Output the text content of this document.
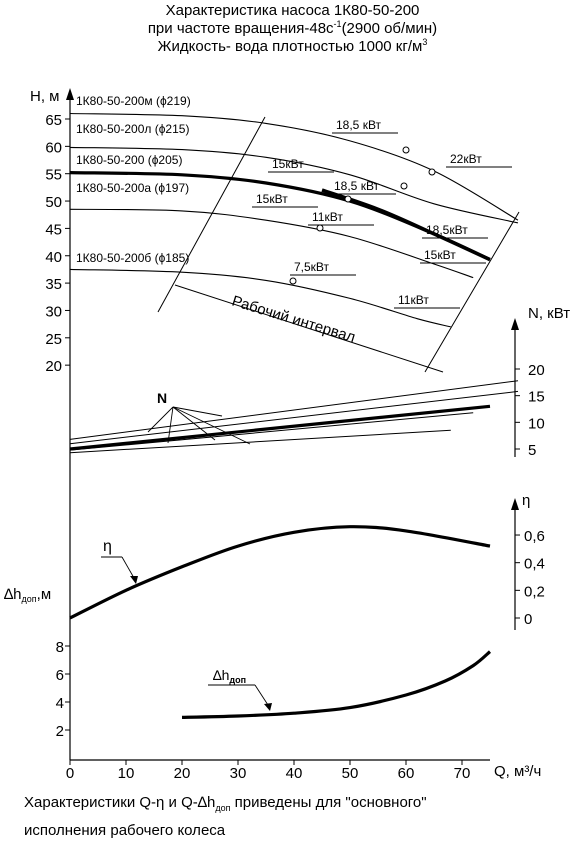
Характеристика насоса 1К80-50-200
при частоте вращения-$48с^{-1}(2900$ об/мин)
Жидкость- вода плотностью 1000 $кг/м^3$
H, м
N, кВт
η
$\Delta h_{доп},м$
Q, м³/ч
0	10	20	30	40	50	60	70
20
25
30
35
40
45
50
55
60
65
5
10
15
20
0
0,2
0,4
0,6
2
4
6
8
1К80-50-200м (ϕ219)
1К80-50-200л (ϕ215)
1К80-50-200 (ϕ205)
1К80-50-200а (ϕ197)
1К80-50-200б (ϕ185)
Рабочий интервал
18,5 кВт
22кВт
15кВт
18,5 кВт
15кВт
11кВт
18,5кВт
15кВт
7,5кВт
11кВт
N
η
$\Delta h_{доп}$
Характеристики Q-η и $Q-\Delta h_{доп}$ приведены для "основного"
исполнения рабочего колеса
